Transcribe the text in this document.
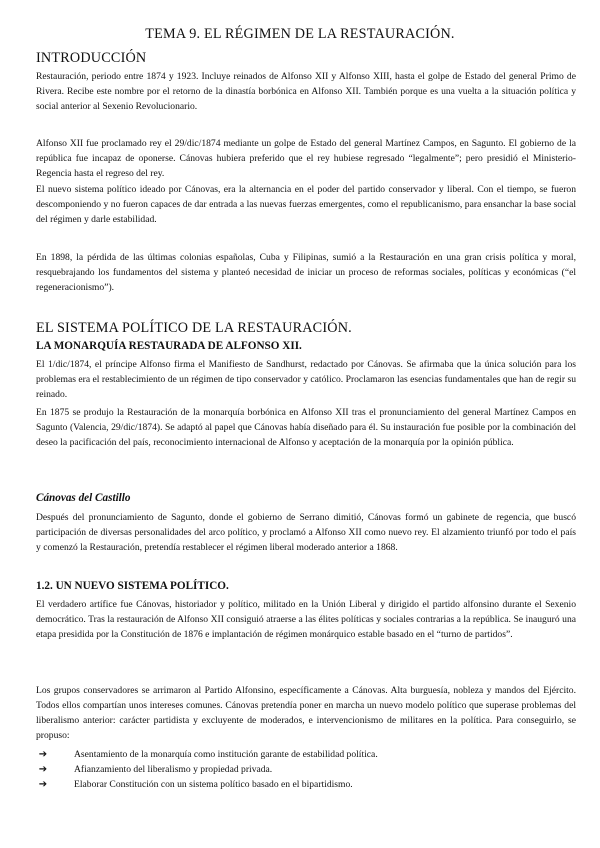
TEMA 9. EL RÉGIMEN DE LA RESTAURACIÓN.
INTRODUCCIÓN

Restauración, periodo entre 1874 y 1923. Incluye reinados de Alfonso XII y Alfonso XIII, hasta el golpe de Estado del general Primo de Rivera. Recibe este nombre por el retorno de la dinastía borbónica en Alfonso XII. También porque es una vuelta a la situación política y social anterior al Sexenio Revolucionario.

Alfonso XII fue proclamado rey el 29/dic/1874 mediante un golpe de Estado del general Martínez Campos, en Sagunto. El gobierno de la república fue incapaz de oponerse. Cánovas hubiera preferido que el rey hubiese regresado “legalmente”; pero presidió el Ministerio-Regencia hasta el regreso del rey.

El nuevo sistema político ideado por Cánovas, era la alternancia en el poder del partido conservador y liberal. Con el tiempo, se fueron descomponiendo y no fueron capaces de dar entrada a las nuevas fuerzas emergentes, como el republicanismo, para ensanchar la base social del régimen y darle estabilidad.

En 1898, la pérdida de las últimas colonias españolas, Cuba y Filipinas, sumió a la Restauración en una gran crisis política y moral, resquebrajando los fundamentos del sistema y planteó necesidad de iniciar un proceso de reformas sociales, políticas y económicas (“el regeneracionismo”).

EL SISTEMA POLÍTICO DE LA RESTAURACIÓN.
LA MONARQUÍA RESTAURADA DE ALFONSO XII.

El 1/dic/1874, el príncipe Alfonso firma el Manifiesto de Sandhurst, redactado por Cánovas. Se afirmaba que la única solución para los problemas era el restablecimiento de un régimen de tipo conservador y católico. Proclamaron las esencias fundamentales que han de regir su reinado.

En 1875 se produjo la Restauración de la monarquía borbónica en Alfonso XII tras el pronunciamiento del general Martínez Campos en Sagunto (Valencia, 29/dic/1874). Se adaptó al papel que Cánovas había diseñado para él. Su instauración fue posible por la combinación del deseo la pacificación del país, reconocimiento internacional de Alfonso y aceptación de la monarquía por la opinión pública.

Cánovas del Castillo

Después del pronunciamiento de Sagunto, donde el gobierno de Serrano dimitió, Cánovas formó un gabinete de regencia, que buscó participación de diversas personalidades del arco político, y proclamó a Alfonso XII como nuevo rey. El alzamiento triunfó por todo el país y comenzó la Restauración, pretendía restablecer el régimen liberal moderado anterior a 1868.

1.2. UN NUEVO SISTEMA POLÍTICO.

El verdadero artífice fue Cánovas, historiador y político, militado en la Unión Liberal y dirigido el partido alfonsino durante el Sexenio democrático. Tras la restauración de Alfonso XII consiguió atraerse a las élites políticas y sociales contrarias a la república. Se inauguró una etapa presidida por la Constitución de 1876 e implantación de régimen monárquico estable basado en el “turno de partidos”.

Los grupos conservadores se arrimaron al Partido Alfonsino, específicamente a Cánovas. Alta burguesía, nobleza y mandos del Ejército. Todos ellos compartían unos intereses comunes. Cánovas pretendía poner en marcha un nuevo modelo político que superase problemas del liberalismo anterior: carácter partidista y excluyente de moderados, e intervencionismo de militares en la política. Para conseguirlo, se propuso:

➔	Asentamiento de la monarquía como institución garante de estabilidad política.
➔	Afianzamiento del liberalismo y propiedad privada.
➔	Elaborar Constitución con un sistema político basado en el bipartidismo.
